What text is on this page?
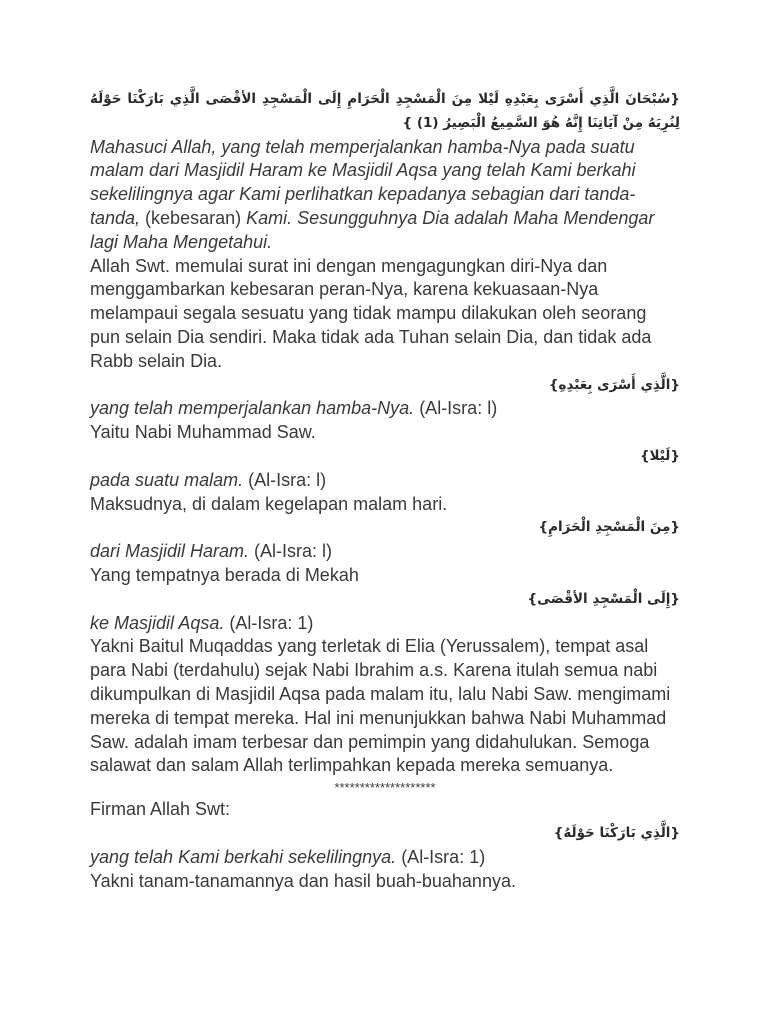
{سُبْحَانَ الَّذِي أَسْرَى بِعَبْدِهِ لَيْلا مِنَ الْمَسْجِدِ الْحَرَامِ إِلَى الْمَسْجِدِ الأقْصَى الَّذِي بَارَكْنَا حَوْلَهُ لِنُرِيَهُ مِنْ آيَاتِنَا إِنَّهُ هُوَ السَّمِيعُ الْبَصِيرُ (1) }

Mahasuci Allah, yang telah memperjalankan hamba-Nya pada suatu malam dari Masjidil Haram ke Masjidil Aqsa yang telah Kami berkahi sekelilingnya agar Kami perlihatkan kepadanya sebagian dari tanda-tanda, (kebesaran) Kami. Sesungguhnya Dia adalah Maha Mendengar lagi Maha Mengetahui.

Allah Swt. memulai surat ini dengan mengagungkan diri-Nya dan menggambarkan kebesaran peran-Nya, karena kekuasaan-Nya melampaui segala sesuatu yang tidak mampu dilakukan oleh seorang pun selain Dia sendiri. Maka tidak ada Tuhan selain Dia, dan tidak ada Rabb selain Dia.

{الَّذِي أَسْرَى بِعَبْدِهِ}

yang telah memperjalankan hamba-Nya. (Al-Isra: l)

Yaitu Nabi Muhammad Saw.

{لَيْلا}

pada suatu malam. (Al-Isra: l)

Maksudnya, di dalam kegelapan malam hari.

{مِنَ الْمَسْجِدِ الْحَرَامِ}

dari Masjidil Haram. (Al-Isra: l)

Yang tempatnya berada di Mekah

{إِلَى الْمَسْجِدِ الأقْصَى}

ke Masjidil Aqsa. (Al-Isra: 1)

Yakni Baitul Muqaddas yang terletak di Elia (Yerussalem), tempat asal para Nabi (terdahulu) sejak Nabi Ibrahim a.s. Karena itulah semua nabi dikumpulkan di Masjidil Aqsa pada malam itu, lalu Nabi Saw. mengimami mereka di tempat mereka. Hal ini menunjukkan bahwa Nabi Muhammad Saw. adalah imam terbesar dan pemimpin yang didahulukan. Semoga salawat dan salam Allah terlimpahkan kepada mereka semuanya.

********************

Firman Allah Swt:

{الَّذِي بَارَكْنَا حَوْلَهُ}

yang telah Kami berkahi sekelilingnya. (Al-Isra: 1)

Yakni tanam-tanamannya dan hasil buah-buahannya.
